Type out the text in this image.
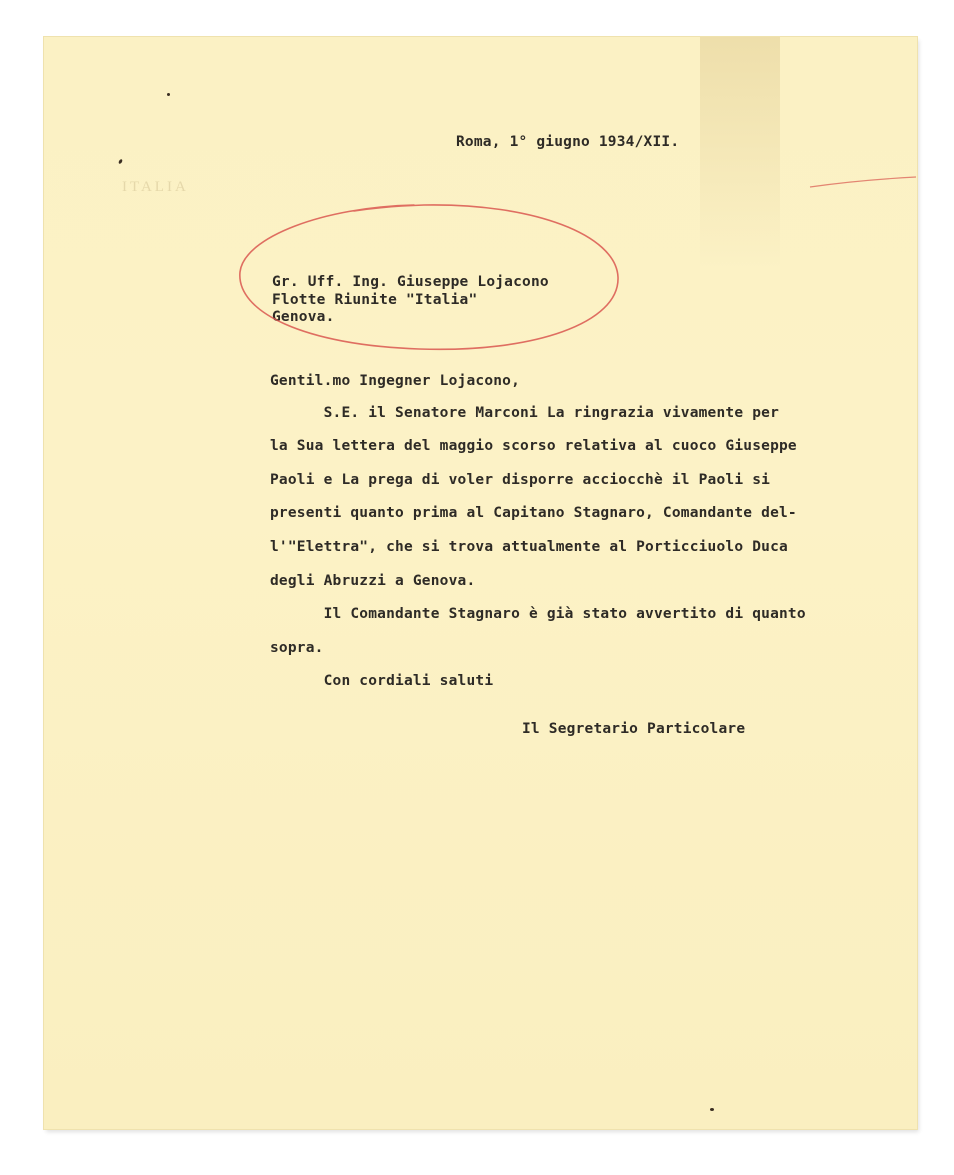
ITALIA
Roma, 1° giugno 1934/XII.
Gr. Uff. Ing. Giuseppe Lojacono
Flotte Riunite "Italia"
Genova.
Gentil.mo Ingegner Lojacono,
S.E. il Senatore Marconi La ringrazia vivamente per
la Sua lettera del maggio scorso relativa al cuoco Giuseppe
Paoli e La prega di voler disporre acciocchè il Paoli si
presenti quanto prima al Capitano Stagnaro, Comandante del-
l'"Elettra", che si trova attualmente al Porticciuolo Duca
degli Abruzzi a Genova.
Il Comandante Stagnaro è già stato avvertito di quanto
sopra.
Con cordiali saluti
Il Segretario Particolare
